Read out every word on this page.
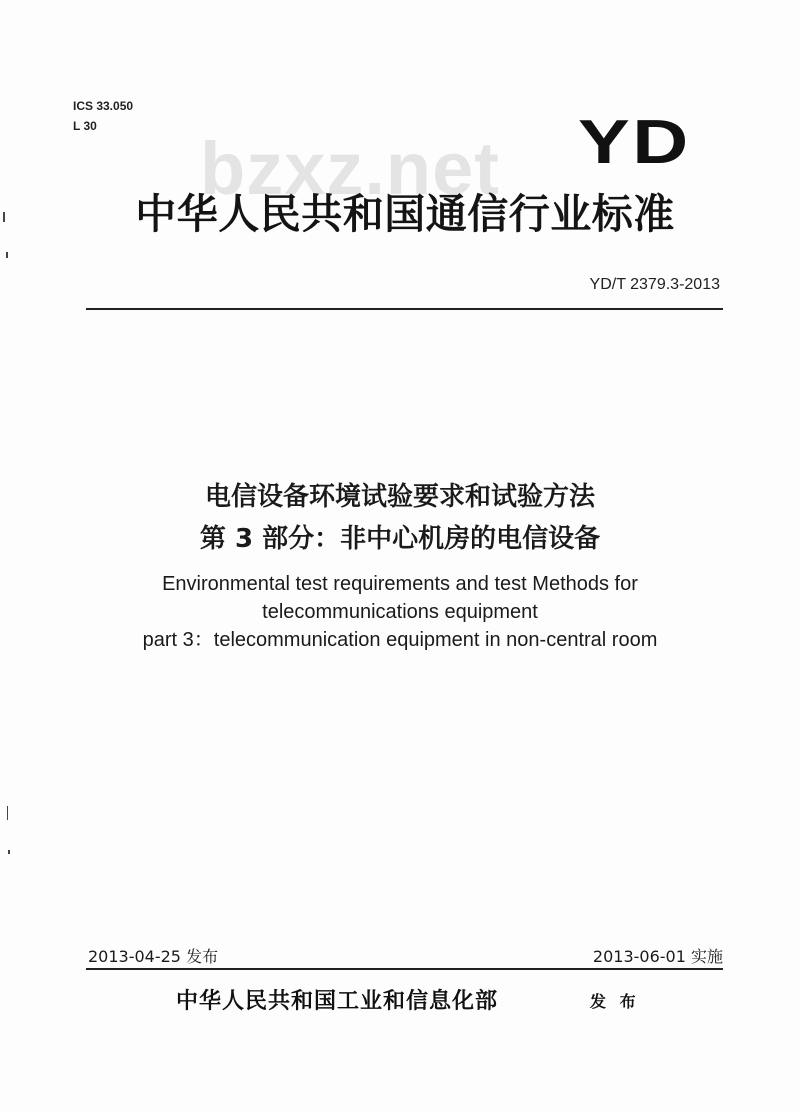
ICS 33.050
L 30
bzxz.net YD
中华人民共和国通信行业标准
YD/T 2379.3-2013
电信设备环境试验要求和试验方法
第 3 部分：非中心机房的电信设备
Environmental test requirements and test Methods for
telecommunications equipment
part 3：telecommunication equipment in non-central room
2013-04-25 发布	2013-06-01 实施
中华人民共和国工业和信息化部	发 布
